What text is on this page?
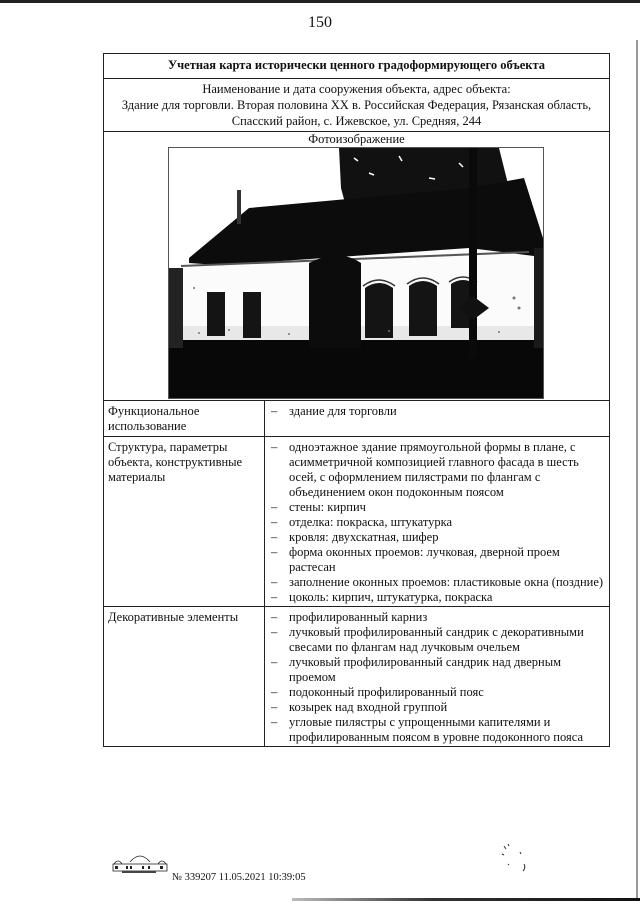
150
Учетная карта исторически ценного градоформирующего объекта
Наименование и дата сооружения объекта, адрес объекта:
Здание для торговли. Вторая половина XX в. Российская Федерация, Рязанская область,
Спасский район, с. Ижевское, ул. Средняя, 244
Фотоизображение
Функциональное использование
– здание для торговли
Структура, параметры объекта, конструктивные материалы
– одноэтажное здание прямоугольной формы в плане, с асимметричной композицией главного фасада в шесть осей, с оформлением пилястрами по флангам с объединением окон подоконным поясом
– стены: кирпич
– отделка: покраска, штукатурка
– кровля: двухскатная, шифер
– форма оконных проемов: лучковая, дверной проем растесан
– заполнение оконных проемов: пластиковые окна (поздние)
– цоколь: кирпич, штукатурка, покраска
Декоративные элементы	– профилированный карниз
– лучковый профилированный сандрик с декоративными свесами по флангам над лучковым очельем
– лучковый профилированный сандрик над дверным проемом
– подоконный профилированный пояс
– козырек над входной группой
– угловые пилястры с упрощенными капителями и профилированным поясом в уровне подоконного пояса
№ 339207 11.05.2021 10:39:05
